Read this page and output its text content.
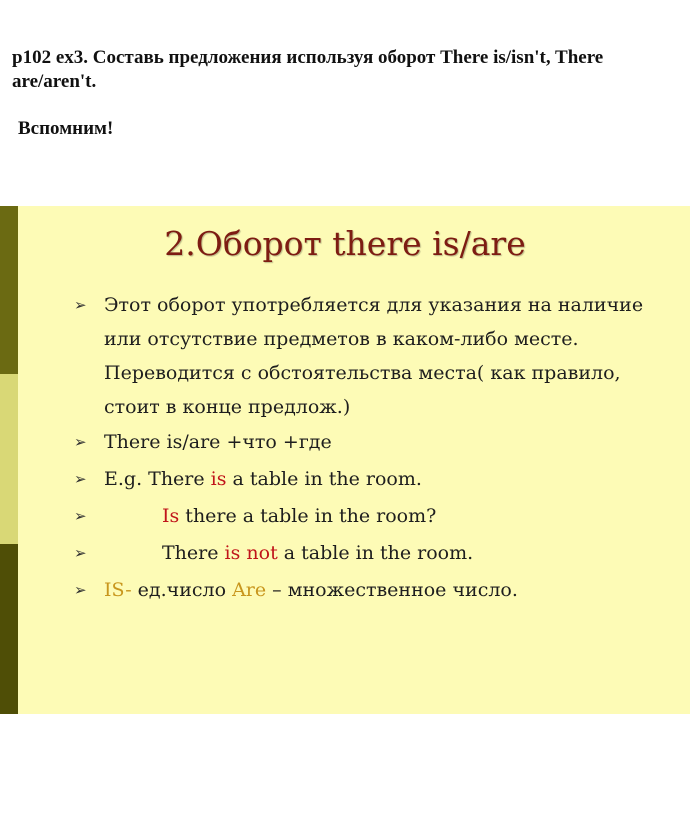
p102 ex3. Составь предложения используя оборот There is/isn't, There are/aren't.
Вспомним!
2.Оборот there is/are
➢ Этот оборот употребляется для указания на наличие или отсутствие предметов в каком-либо месте. Переводится с обстоятельства места( как правило, стоит в конце предлож.)
➢ There is/are +что +где
➢ E.g. There is a table in the room.
➢	Is there a table in the room?
➢	There is not a table in the room.
➢ IS- ед.число Are – множественное число.
